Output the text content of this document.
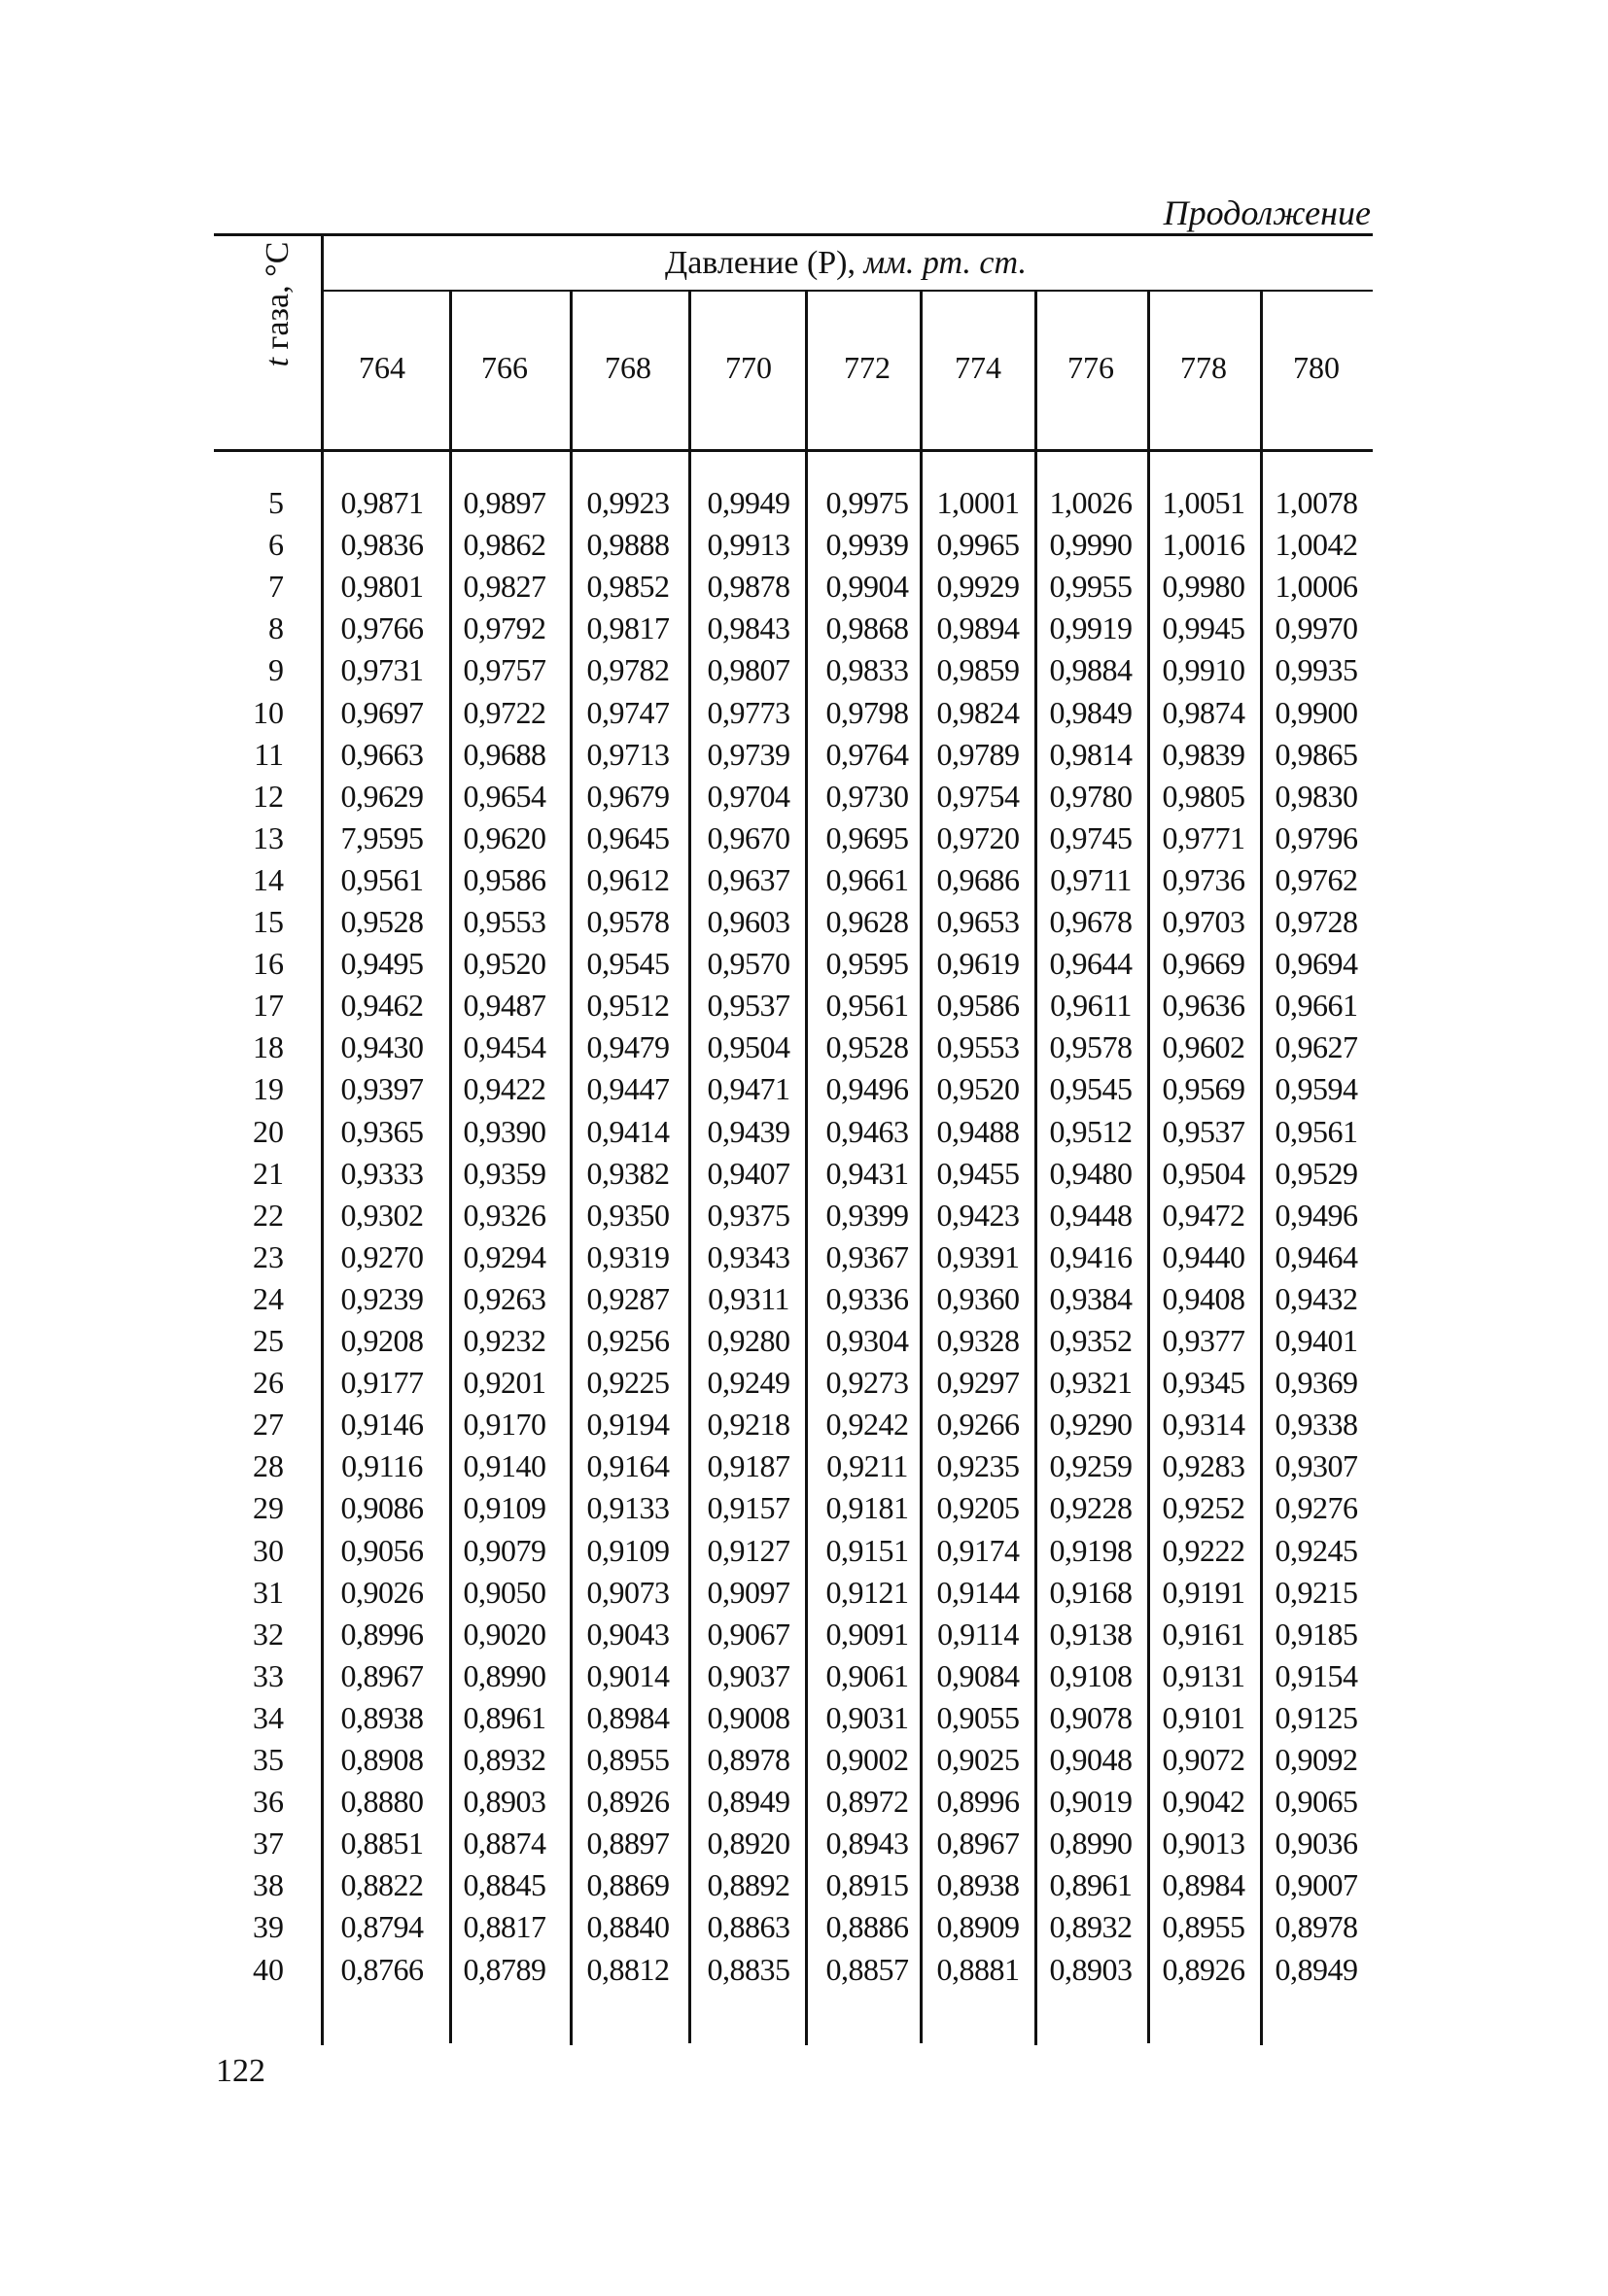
Продолжение
Давление (P), мм. рт. ст.
t газа, °C
764	766	768	770	772	774	776	778	780
5	0,9871	0,9897	0,9923	0,9949	0,9975 1,0001 1,0026 1,0051 1,0078
6	0,9836	0,9862	0,9888	0,9913	0,9939 0,9965 0,9990 1,0016 1,0042
7	0,9801	0,9827	0,9852	0,9878	0,9904 0,9929 0,9955 0,9980 1,0006
8	0,9766	0,9792	0,9817	0,9843	0,9868 0,9894 0,9919 0,9945 0,9970
9	0,9731	0,9757	0,9782	0,9807	0,9833 0,9859 0,9884 0,9910 0,9935
10	0,9697	0,9722	0,9747	0,9773	0,9798 0,9824 0,9849 0,9874 0,9900
11	0,9663	0,9688	0,9713	0,9739	0,9764 0,9789 0,9814 0,9839 0,9865
12	0,9629	0,9654	0,9679	0,9704	0,9730 0,9754 0,9780 0,9805 0,9830
13	7,9595	0,9620	0,9645	0,9670	0,9695 0,9720 0,9745 0,9771 0,9796
14	0,9561	0,9586	0,9612	0,9637	0,9661 0,9686 0,9711 0,9736 0,9762
15	0,9528	0,9553	0,9578	0,9603	0,9628 0,9653 0,9678 0,9703 0,9728
16	0,9495	0,9520	0,9545	0,9570	0,9595 0,9619 0,9644 0,9669 0,9694
17	0,9462	0,9487	0,9512	0,9537	0,9561 0,9586 0,9611 0,9636 0,9661
18	0,9430	0,9454	0,9479	0,9504	0,9528 0,9553 0,9578 0,9602 0,9627
19	0,9397	0,9422	0,9447	0,9471	0,9496 0,9520 0,9545 0,9569 0,9594
20	0,9365	0,9390	0,9414	0,9439	0,9463 0,9488 0,9512 0,9537 0,9561
21	0,9333	0,9359	0,9382	0,9407	0,9431 0,9455 0,9480 0,9504 0,9529
22	0,9302	0,9326	0,9350	0,9375	0,9399 0,9423 0,9448 0,9472 0,9496
23	0,9270	0,9294	0,9319	0,9343	0,9367 0,9391 0,9416 0,9440 0,9464
24	0,9239	0,9263	0,9287	0,9311	0,9336 0,9360 0,9384 0,9408 0,9432
25	0,9208	0,9232	0,9256	0,9280	0,9304 0,9328 0,9352 0,9377 0,9401
26	0,9177	0,9201	0,9225	0,9249	0,9273 0,9297 0,9321 0,9345 0,9369
27	0,9146	0,9170	0,9194	0,9218	0,9242 0,9266 0,9290 0,9314 0,9338
28	0,9116	0,9140	0,9164	0,9187	0,9211 0,9235 0,9259 0,9283 0,9307
29	0,9086	0,9109	0,9133	0,9157	0,9181 0,9205 0,9228 0,9252 0,9276
30	0,9056	0,9079	0,9109	0,9127	0,9151 0,9174 0,9198 0,9222 0,9245
31	0,9026	0,9050	0,9073	0,9097	0,9121 0,9144 0,9168 0,9191 0,9215
32	0,8996	0,9020	0,9043	0,9067	0,9091 0,9114 0,9138 0,9161 0,9185
33	0,8967	0,8990	0,9014	0,9037	0,9061 0,9084 0,9108 0,9131 0,9154
34	0,8938	0,8961	0,8984	0,9008	0,9031 0,9055 0,9078 0,9101 0,9125
35	0,8908	0,8932	0,8955	0,8978	0,9002 0,9025 0,9048 0,9072 0,9092
36	0,8880	0,8903	0,8926	0,8949	0,8972 0,8996 0,9019 0,9042 0,9065
37	0,8851	0,8874	0,8897	0,8920	0,8943 0,8967 0,8990 0,9013 0,9036
38	0,8822	0,8845	0,8869	0,8892	0,8915 0,8938 0,8961 0,8984 0,9007
39	0,8794	0,8817	0,8840	0,8863	0,8886 0,8909 0,8932 0,8955 0,8978
40	0,8766	0,8789	0,8812	0,8835	0,8857 0,8881 0,8903 0,8926 0,8949
122
